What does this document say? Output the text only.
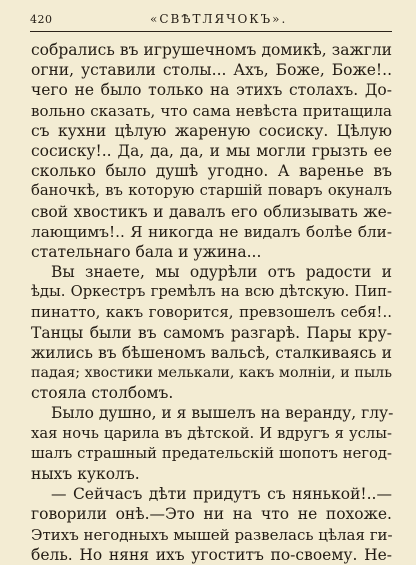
420	«СВѢТЛЯЧОКЪ».
собрались въ игрушечномъ домикѣ, зажгли
огни, уставили столы... Ахъ, Боже, Боже!..
чего не было только на этихъ столахъ. До-
вольно сказать, что сама невѣста притащила
съ кухни цѣлую жареную сосиску. Цѣлую
сосиску!.. Да, да, да, и мы могли грызть ее
сколько было душѣ угодно. А варенье въ
баночкѣ, въ которую старшій поваръ окуналъ
свой хвостикъ и давалъ его облизывать же-
лающимъ!.. Я никогда не видалъ болѣе бли-
стательнаго бала и ужина...
Вы знаете, мы одурѣли отъ радости и
ѣды. Оркестръ гремѣлъ на всю дѣтскую. Пип-
пинатто, какъ говорится, превзошелъ себя!..
Танцы были въ самомъ разгарѣ. Пары кру-
жились въ бѣшеномъ вальсѣ, сталкиваясь и
падая; хвостики мелькали, какъ молніи, и пыль
стояла столбомъ.
Было душно, и я вышелъ на веранду, глу-
хая ночь царила въ дѣтской. И вдругъ я услы-
шалъ страшный предательскій шопотъ негод-
ныхъ куколъ.
— Сейчасъ дѣти придутъ съ нянькой!..—
говорили онѣ.—Это ни на что не похоже.
Этихъ негодныхъ мышей развелась цѣлая ги-
бель. Но няня ихъ угоститъ по-своему. Не-
